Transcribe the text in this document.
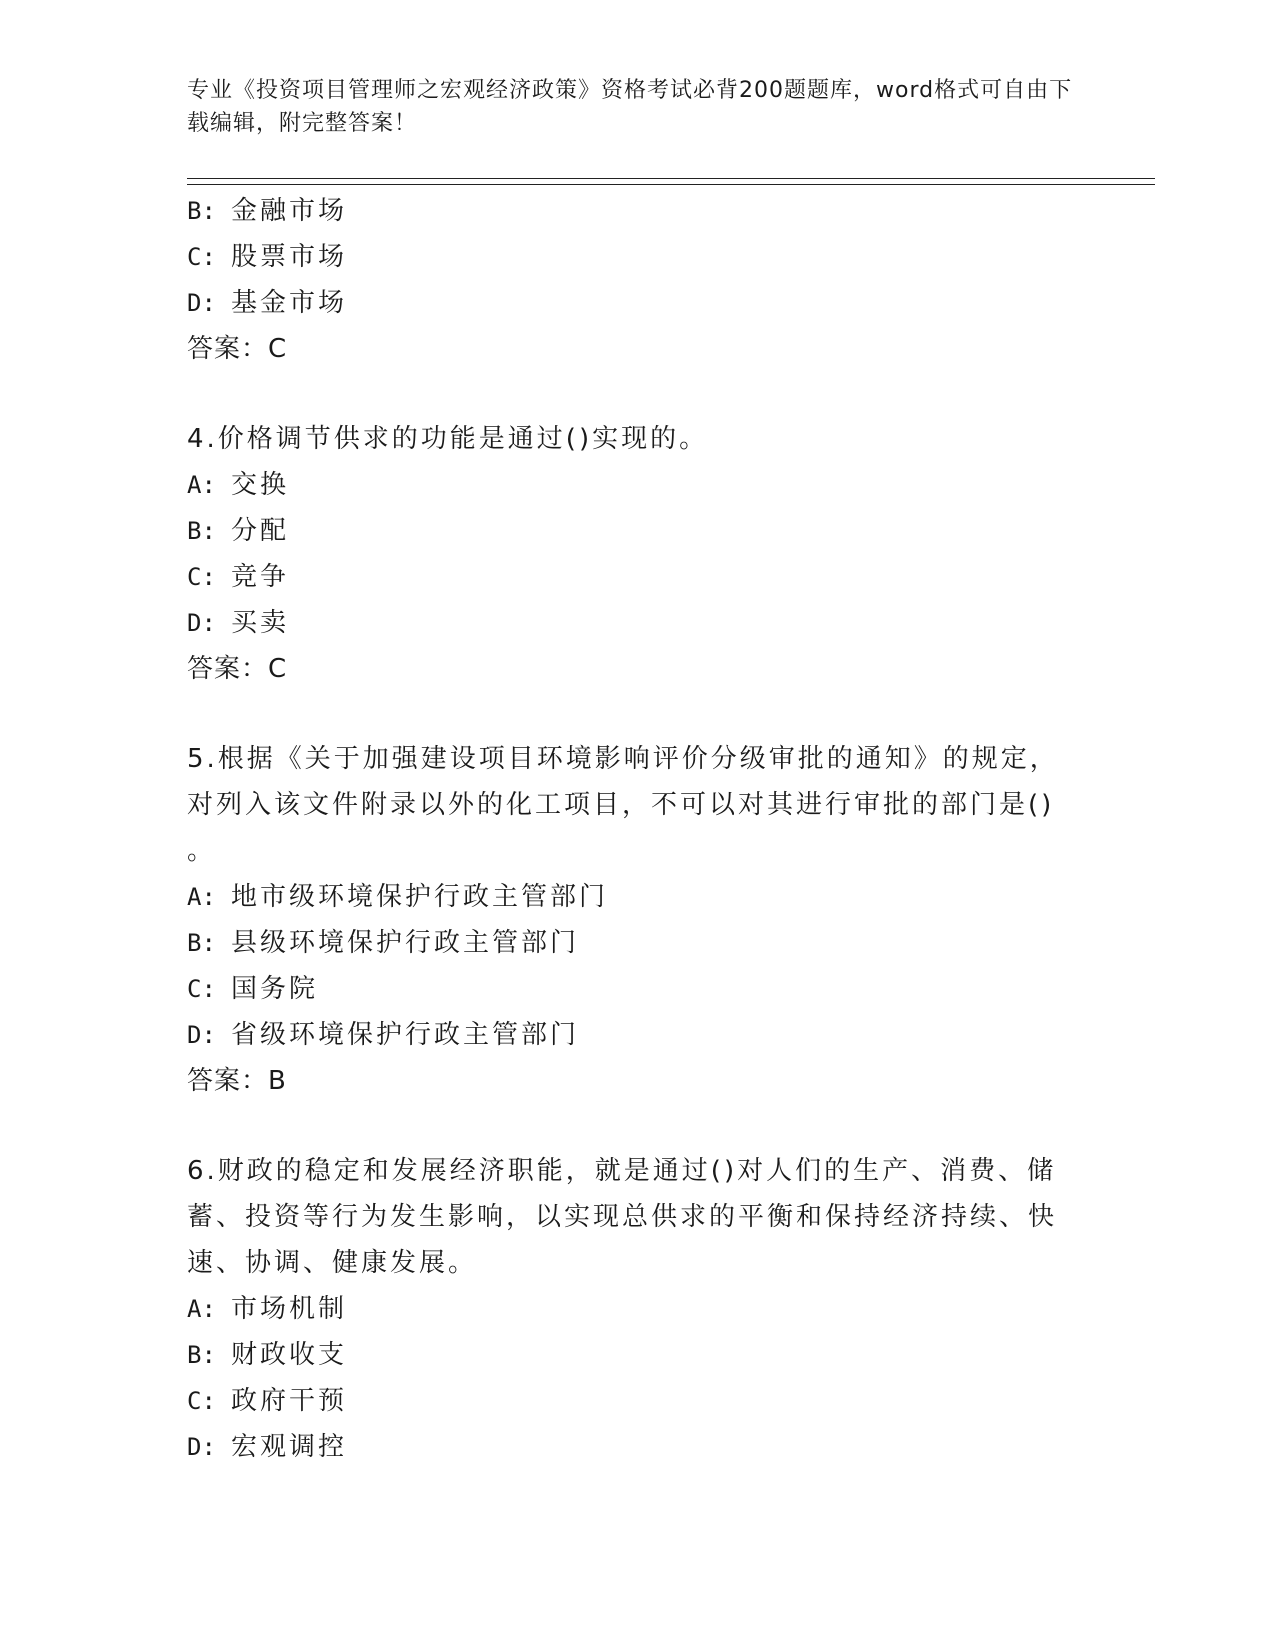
专业《投资项目管理师之宏观经济政策》资格考试必背200题题库，word格式可自由下载编辑，附完整答案！
B: 金融市场
C: 股票市场
D: 基金市场
答案：C
4.价格调节供求的功能是通过()实现的。
A: 交换
B: 分配
C: 竞争
D: 买卖
答案：C
5.根据《关于加强建设项目环境影响评价分级审批的通知》的规定，
对列入该文件附录以外的化工项目，不可以对其进行审批的部门是()
。
A: 地市级环境保护行政主管部门
B: 县级环境保护行政主管部门
C: 国务院
D: 省级环境保护行政主管部门
答案：B
6.财政的稳定和发展经济职能，就是通过()对人们的生产、消费、储
蓄、投资等行为发生影响，以实现总供求的平衡和保持经济持续、快
速、协调、健康发展。
A: 市场机制
B: 财政收支
C: 政府干预
D: 宏观调控
